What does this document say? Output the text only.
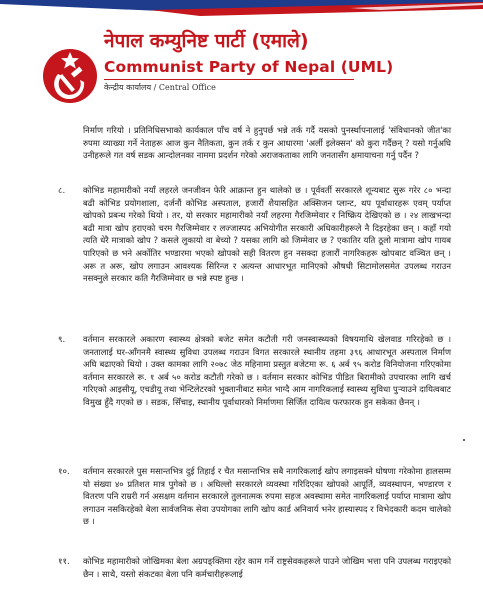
नेपाल कम्युनिष्ट पार्टी (एमाले)
Communist Party of Nepal (UML)
केन्द्रीय कार्यालय / Central Office
निर्माण गरियो । प्रतिनिधिसभाको कार्यकाल पाँच वर्ष ने हुनुपर्छ भन्ने तर्क गर्दै यसको पुनर्स्थापनालाई 'संविधानको जीत'का रुपमा व्याख्या गर्ने नेताहरू आज कुन नैतिकता, कुन तर्क र कुन आधारमा 'अर्ली इलेक्सन' को कुरा गर्दैछन् ? यसो गर्नुअघि उनीहरूले गत वर्ष सडक आन्दोलनका नाममा प्रदर्शन गरेको अराजकताका लागि जनतासँग क्षमायाचना गर्नु पर्दैन ?
८. कोभिड महामारीको नयाँ लहरले जनजीवन फेरि आक्रान्त हुन थालेको छ । पूर्ववर्ती सरकारले शून्यबाट सुरू गरेर ८० भन्दा बढी कोभिड प्रयोगशाला, दर्जनौं कोभिड अस्पताल, हजारौं शैयासहित अक्सिजन प्लान्ट, थप पूर्वाधारहरू एवम् पर्याप्त खोपको प्रबन्ध गरेको थियो । तर, यो सरकार महामारीको नयाँ लहरमा गैरजिम्मेवार र निष्क्रिय देखिएको छ । २४ लाखभन्दा बढी मात्रा खोप हराएको चरम गैरजिम्मेवार र लज्जास्पद अभियोगीत सरकारी अधिकारीहरूले नै दिइरहेका छन् । कहाँ गयो त्यति धेरै मात्राको खोप ? कसले लुकायो वा बेच्यो ? यसका लागि को जिम्मेवार छ ? एकातिर यति ठूलो मात्रामा खोप गायब पारिएको छ भने अर्कोतिर भण्डारमा भएको खोपको सही वितरण हुन नसक्दा हजारौं नागरिकहरू खोपबाट वञ्चित छन् । अरू त अरू, खोप लगाउन आवश्यक सिरिन्ज र अत्यन्त आधारभूत मानिएको औषधी सिटामोलसमेत उपलब्ध गराउन नसक्नुले सरकार कति गैरजिम्मेवार छ भन्ने स्पष्ट हुन्छ ।
९. वर्तमान सरकारले अकारण स्वास्थ्य क्षेत्रको बजेट समेत कटौती गरी जनस्वास्थ्यको विषयमाथि खेलवाड गरिरहेको छ । जनतालाई घर-आँगनमै स्वास्थ्य सुविधा उपलब्ध गराउन विगत सरकारले स्थानीय तहमा ३९६ आधारभूत अस्पताल निर्माण अघि बढाएको थियो । उक्त कामका लागि २०७८ जेठ महिनामा प्रस्तुत बजेटमा रू. ६ अर्ब ९५ करोड विनियोजना गरिएकोमा वर्तमान सरकारले रू. १ अर्ब ५० करोड कटौती गरेको छ । वर्तमान सरकार कोभिड पीडित बिरामीको उपचारका लागि खर्च गरिएको आइसीयू, एचडीयू तथा भेन्टिलेटरको भुक्तानीबाट समेत भाग्दै आम नागरिकलाई स्वास्थ्य सुविधा पुऱ्याउने दायित्वबाट विमुख हुँदै गएको छ । सडक, सिँचाइ, स्थानीय पूर्वाधारको निर्माणमा सिर्जित दायित्व फरफारक हुन सकेका छैनन् ।
१०. वर्तमान सरकारले पुस मसान्तभित्र दुई तिहाई र चैत मसान्तभित्र सबै नागरिकलाई खोप लगाइसक्ने घोषणा गरेकोमा हालसम्म यो संख्या ४० प्रतिशत मात्र पुगेको छ । अघिल्लो सरकारले व्यवस्था गरिदिएका खोपको आपूर्ति, व्यवस्थापन, भण्डारण र वितरण पनि राम्ररी गर्न असक्षम वर्तमान सरकारले तुलनात्मक रुपमा सहज अवस्थामा समेत नागरिकलाई पर्याप्त मात्रामा खोप लगाउन नसकिरहेको बेला सार्वजनिक सेवा उपयोगका लागि खोप कार्ड अनिवार्य भनेर हास्यास्पद र विभेदकारी कदम चालेको छ ।
११. कोभिड महामारीको जोखिमका बेला अग्रपङ्क्तिमा रहेर काम गर्ने राष्ट्रसेवकहरूले पाउने जोखिम भत्ता पनि उपलब्ध गराइएको छैन । साथै, यस्तो संकटका बेला पनि कर्मचारीहरूलाई
